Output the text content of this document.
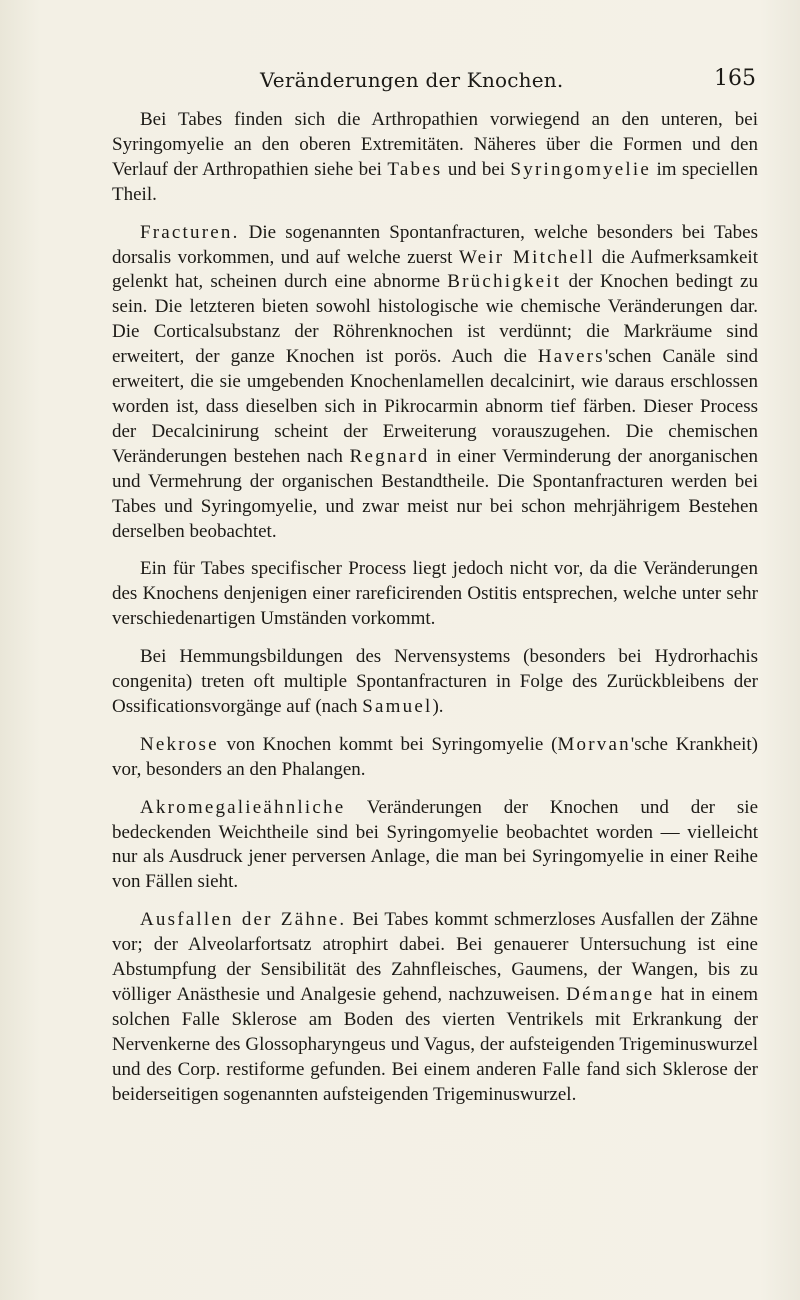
Veränderungen der Knochen.	165

Bei Tabes finden sich die Arthropathien vorwiegend an den unteren, bei Syringomyelie an den oberen Extremitäten. Näheres über die Formen und den Verlauf der Arthropathien siehe bei Tabes und bei Syringomyelie im speciellen Theil.

Fracturen. Die sogenannten Spontanfracturen, welche besonders bei Tabes dorsalis vorkommen, und auf welche zuerst Weir Mitchell die Aufmerksamkeit gelenkt hat, scheinen durch eine abnorme Brüchigkeit der Knochen bedingt zu sein. Die letzteren bieten sowohl histologische wie chemische Veränderungen dar. Die Corticalsubstanz der Röhrenknochen ist verdünnt; die Markräume sind erweitert, der ganze Knochen ist porös. Auch die Havers'schen Canäle sind erweitert, die sie umgebenden Knochenlamellen decalcinirt, wie daraus erschlossen worden ist, dass dieselben sich in Pikrocarmin abnorm tief färben. Dieser Process der Decalcinirung scheint der Erweiterung vorauszugehen. Die chemischen Veränderungen bestehen nach Regnard in einer Verminderung der anorganischen und Vermehrung der organischen Bestandtheile. Die Spontanfracturen werden bei Tabes und Syringomyelie, und zwar meist nur bei schon mehrjährigem Bestehen derselben beobachtet.

Ein für Tabes specifischer Process liegt jedoch nicht vor, da die Veränderungen des Knochens denjenigen einer rareficirenden Ostitis entsprechen, welche unter sehr verschiedenartigen Umständen vorkommt.

Bei Hemmungsbildungen des Nervensystems (besonders bei Hydrorhachis congenita) treten oft multiple Spontanfracturen in Folge des Zurückbleibens der Ossificationsvorgänge auf (nach Samuel).

Nekrose von Knochen kommt bei Syringomyelie (Morvan'sche Krankheit) vor, besonders an den Phalangen.

Akromegalieähnliche Veränderungen der Knochen und der sie bedeckenden Weichtheile sind bei Syringomyelie beobachtet worden — vielleicht nur als Ausdruck jener perversen Anlage, die man bei Syringomyelie in einer Reihe von Fällen sieht.

Ausfallen der Zähne. Bei Tabes kommt schmerzloses Ausfallen der Zähne vor; der Alveolarfortsatz atrophirt dabei. Bei genauerer Untersuchung ist eine Abstumpfung der Sensibilität des Zahnfleisches, Gaumens, der Wangen, bis zu völliger Anästhesie und Analgesie gehend, nachzuweisen. Démange hat in einem solchen Falle Sklerose am Boden des vierten Ventrikels mit Erkrankung der Nervenkerne des Glossopharyngeus und Vagus, der aufsteigenden Trigeminuswurzel und des Corp. restiforme gefunden. Bei einem anderen Falle fand sich Sklerose der beiderseitigen sogenannten aufsteigenden Trigeminuswurzel.
